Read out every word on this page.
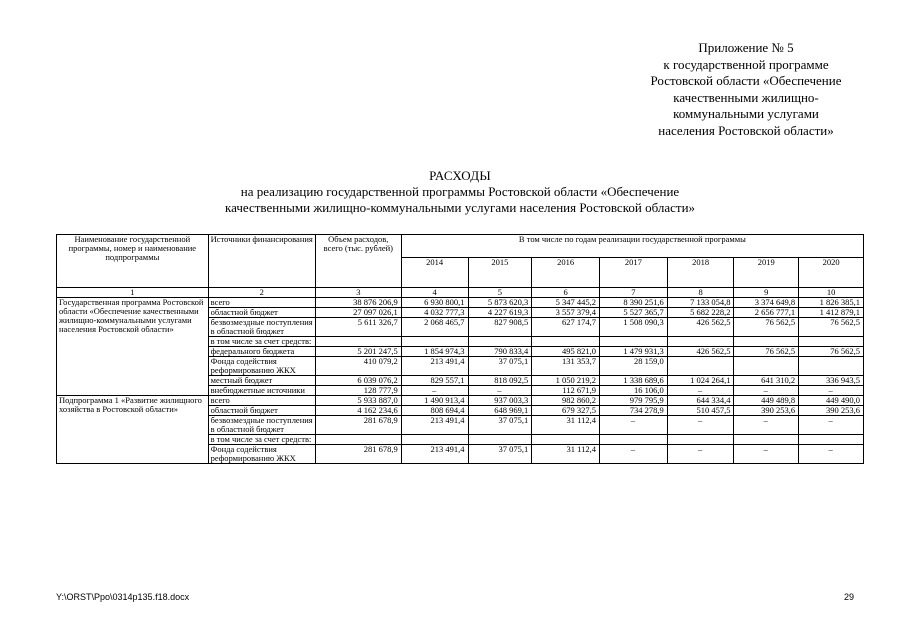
Приложение № 5
к государственной программе
Ростовской области «Обеспечение
качественными жилищно-
коммунальными услугами
населения Ростовской области»
РАСХОДЫ
на реализацию государственной программы Ростовской области «Обеспечение
качественными жилищно-коммунальными услугами населения Ростовской области»
Наименование государственной программы, номер и наименование подпрограммы	Источники финансирования	Объем расходов, всего (тыс. рублей)	В том числе по годам реализации государственной программы						
			2014	2015	2016	2017	2018	2019	2020
1	2	3	4	5	6	7	8	9	10
Государственная программа Ростовской области «Обеспечение качественными жилищно-коммунальными услугами населения Ростовской области»	всего	38 876 206,9	6 930 800,1	5 873 620,3	5 347 445,2	8 390 251,6	7 133 054,8	3 374 649,8	1 826 385,1
	областной бюджет	27 097 026,1	4 032 777,3	4 227 619,3	3 557 379,4	5 527 365,7	5 682 228,2	2 656 777,1	1 412 879,1
	безвозмездные поступления в областной бюджет	5 611 326,7	2 068 465,7	827 908,5	627 174,7	1 508 090,3	426 562,5	76 562,5	76 562,5
	в том числе за счет средств:								
	федерального бюджета	5 201 247,5	1 854 974,3	790 833,4	495 821,0	1 479 931,3	426 562,5	76 562,5	76 562,5
	Фонда содействия реформированию ЖКХ	410 079,2	213 491,4	37 075,1	131 353,7	28 159,0			
	местный бюджет	6 039 076,2	829 557,1	818 092,5	1 050 219,2	1 338 689,6	1 024 264,1	641 310,2	336 943,5
	внебюджетные источники	128 777,9	–	–	112 671,9	16 106,0	–	–	–
Подпрограмма 1 «Развитие жилищного хозяйства в Ростовской области»	всего	5 933 887,0	1 490 913,4	937 003,3	982 860,2	979 795,9	644 334,4	449 489,8	449 490,0
	областной бюджет	4 162 234,6	808 694,4	648 969,1	679 327,5	734 278,9	510 457,5	390 253,6	390 253,6
	безвозмездные поступления в областной бюджет	281 678,9	213 491,4	37 075,1	31 112,4	–	–	–	–
	в том числе за счет средств:								
	Фонда содействия реформированию ЖКХ	281 678,9	213 491,4	37 075,1	31 112,4	–	–	–	–
Y:\ORST\Ppo\0314p135.f18.docx	29
